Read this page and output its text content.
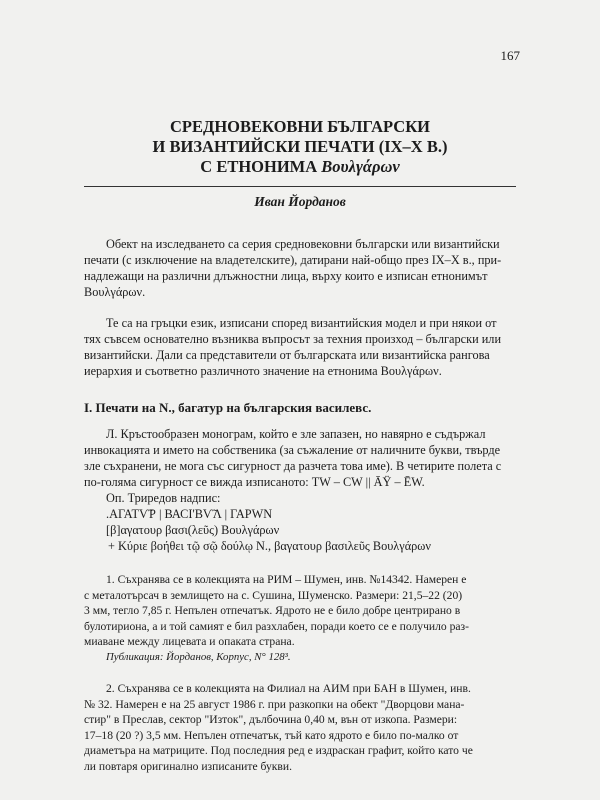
167
СРЕДНОВЕКОВНИ БЪЛГАРСКИ
И ВИЗАНТИЙСКИ ПЕЧАТИ (IX–X В.)
С ЕТНОНИМА Βουλγάρων
Иван Йорданов
Обект на изследването са серия средновековни български или византийски
печати (с изключение на владетелските), датирани най-общо през IX–X в., при-
надлежащи на различни длъжностни лица, върху които е изписан етнонимът
Βουλγάρων.
Те са на гръцки език, изписани според византийския модел и при някои от
тях съвсем основателно възниква въпросът за техния произход – български или
византийски. Дали са представители от българската или византийска рангова
иерархия и съответно различното значение на етнонима Βουλγάρων.
I. Печати на N., багатур на българския василевс.
Л. Кръстообразен монограм, който е зле запазен, но навярно е съдържал
инвокацията и името на собственика (за съжаление от наличните букви, твърде
зле съхранени, не мога със сигурност да разчета това име). В четирите полета с
по-голяма сигурност се вижда изписаното: TW – CW || ĀŸ – ĒW.
Оп. Триредов надпис:
.АГАТѴ̃Р | ВАСІ'ВѴ̃Λ | ГАРWN
[β]αγατουρ βασι(λεῦς) Βουλγάρων
+ Κύριε βοήθει τῷ σῷ δούλῳ Ν., βαγατουρ βασιλεῦς Βουλγάρων
1. Съхранява се в колекцията на РИМ – Шумен, инв. №14342. Намерен е
с металотърсач в землището на с. Сушина, Шуменско. Размери: 21,5–22 (20)
3 мм, тегло 7,85 г. Непълен отпечатък. Ядрото не е било добре центрирано в
булотириона, а и той самият е бил разхлабен, поради което се е получило раз-
миаване между лицевата и опаката страна.
Публикация: Йорданов, Корпус, N° 128³.
2. Съхранява се в колекцията на Филиал на АИМ при БАН в Шумен, инв.
№ 32. Намерен е на 25 август 1986 г. при разкопки на обект "Дворцови мана-
стир" в Преслав, сектор "Изток", дълбочина 0,40 м, вън от изкопа. Размери:
17–18 (20 ?) 3,5 мм. Непълен отпечатък, тъй като ядрото е било по-малко от
диаметъра на матриците. Под последния ред е издраскан графит, който като че
ли повтаря оригинално изписаните букви.
